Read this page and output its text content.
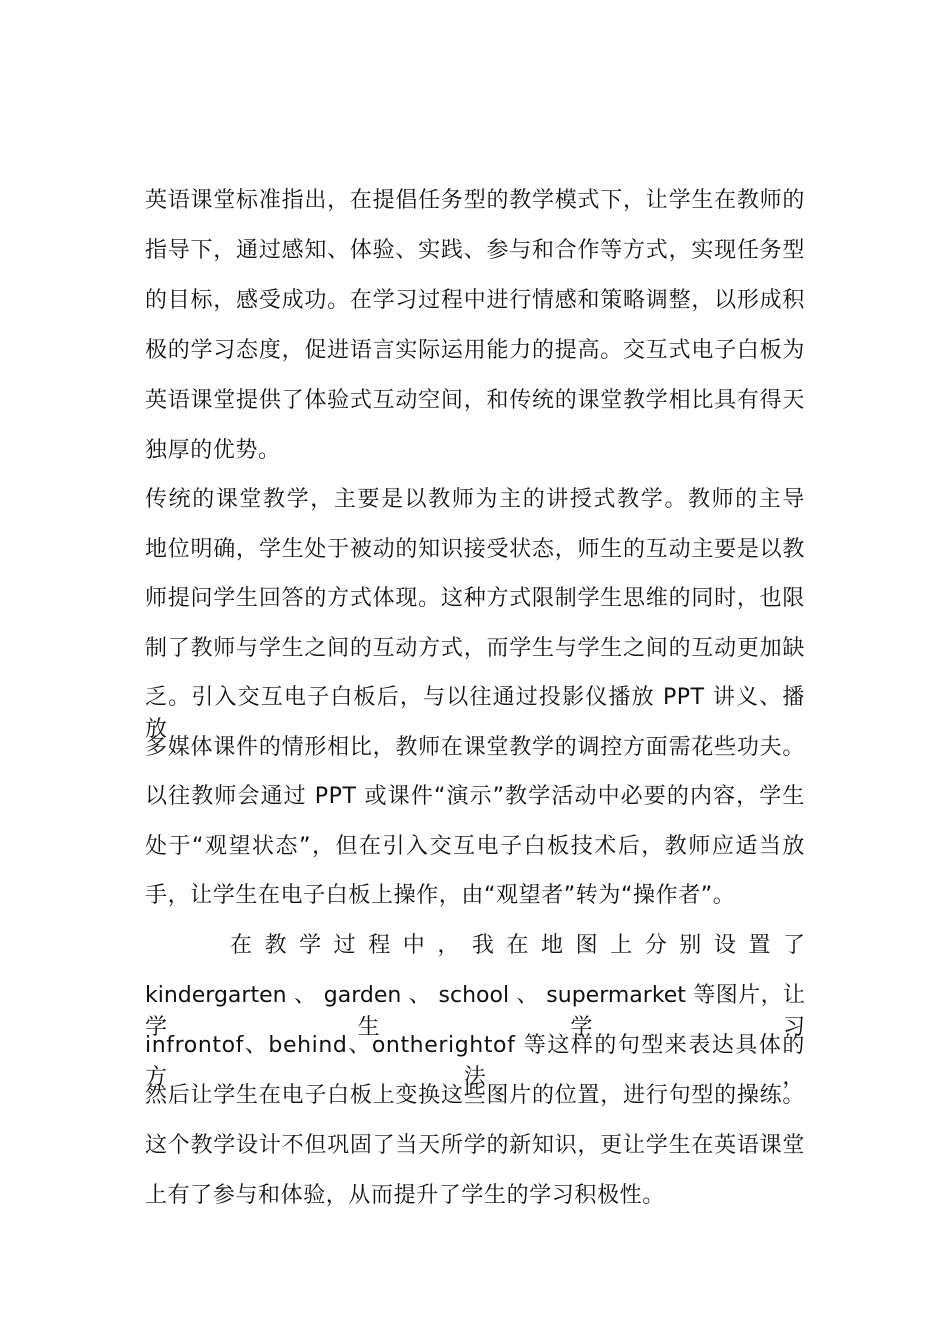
英语课堂标准指出，在提倡任务型的教学模式下，让学生在教师的
指导下，通过感知、体验、实践、参与和合作等方式，实现任务型
的目标，感受成功。在学习过程中进行情感和策略调整，以形成积
极的学习态度，促进语言实际运用能力的提高。交互式电子白板为
英语课堂提供了体验式互动空间，和传统的课堂教学相比具有得天
独厚的优势。
传统的课堂教学，主要是以教师为主的讲授式教学。教师的主导
地位明确，学生处于被动的知识接受状态，师生的互动主要是以教
师提问学生回答的方式体现。这种方式限制学生思维的同时，也限
制了教师与学生之间的互动方式，而学生与学生之间的互动更加缺
乏。引入交互电子白板后，与以往通过投影仪播放 PPT 讲义、播放
多媒体课件的情形相比，教师在课堂教学的调控方面需花些功夫。
以往教师会通过 PPT 或课件“演示”教学活动中必要的内容，学生
处于“观望状态”，但在引入交互电子白板技术后，教师应适当放
手，让学生在电子白板上操作，由“观望者”转为“操作者”。
在 教 学 过 程 中 ， 我 在 地 图 上 分 别 设 置 了
kindergarten 、 garden 、 school 、 supermarket 等图片，让学生学习
infrontof、behind、ontherightof 等这样的句型来表达具体的方法，
然后让学生在电子白板上变换这些图片的位置，进行句型的操练。
这个教学设计不但巩固了当天所学的新知识，更让学生在英语课堂
上有了参与和体验，从而提升了学生的学习积极性。
